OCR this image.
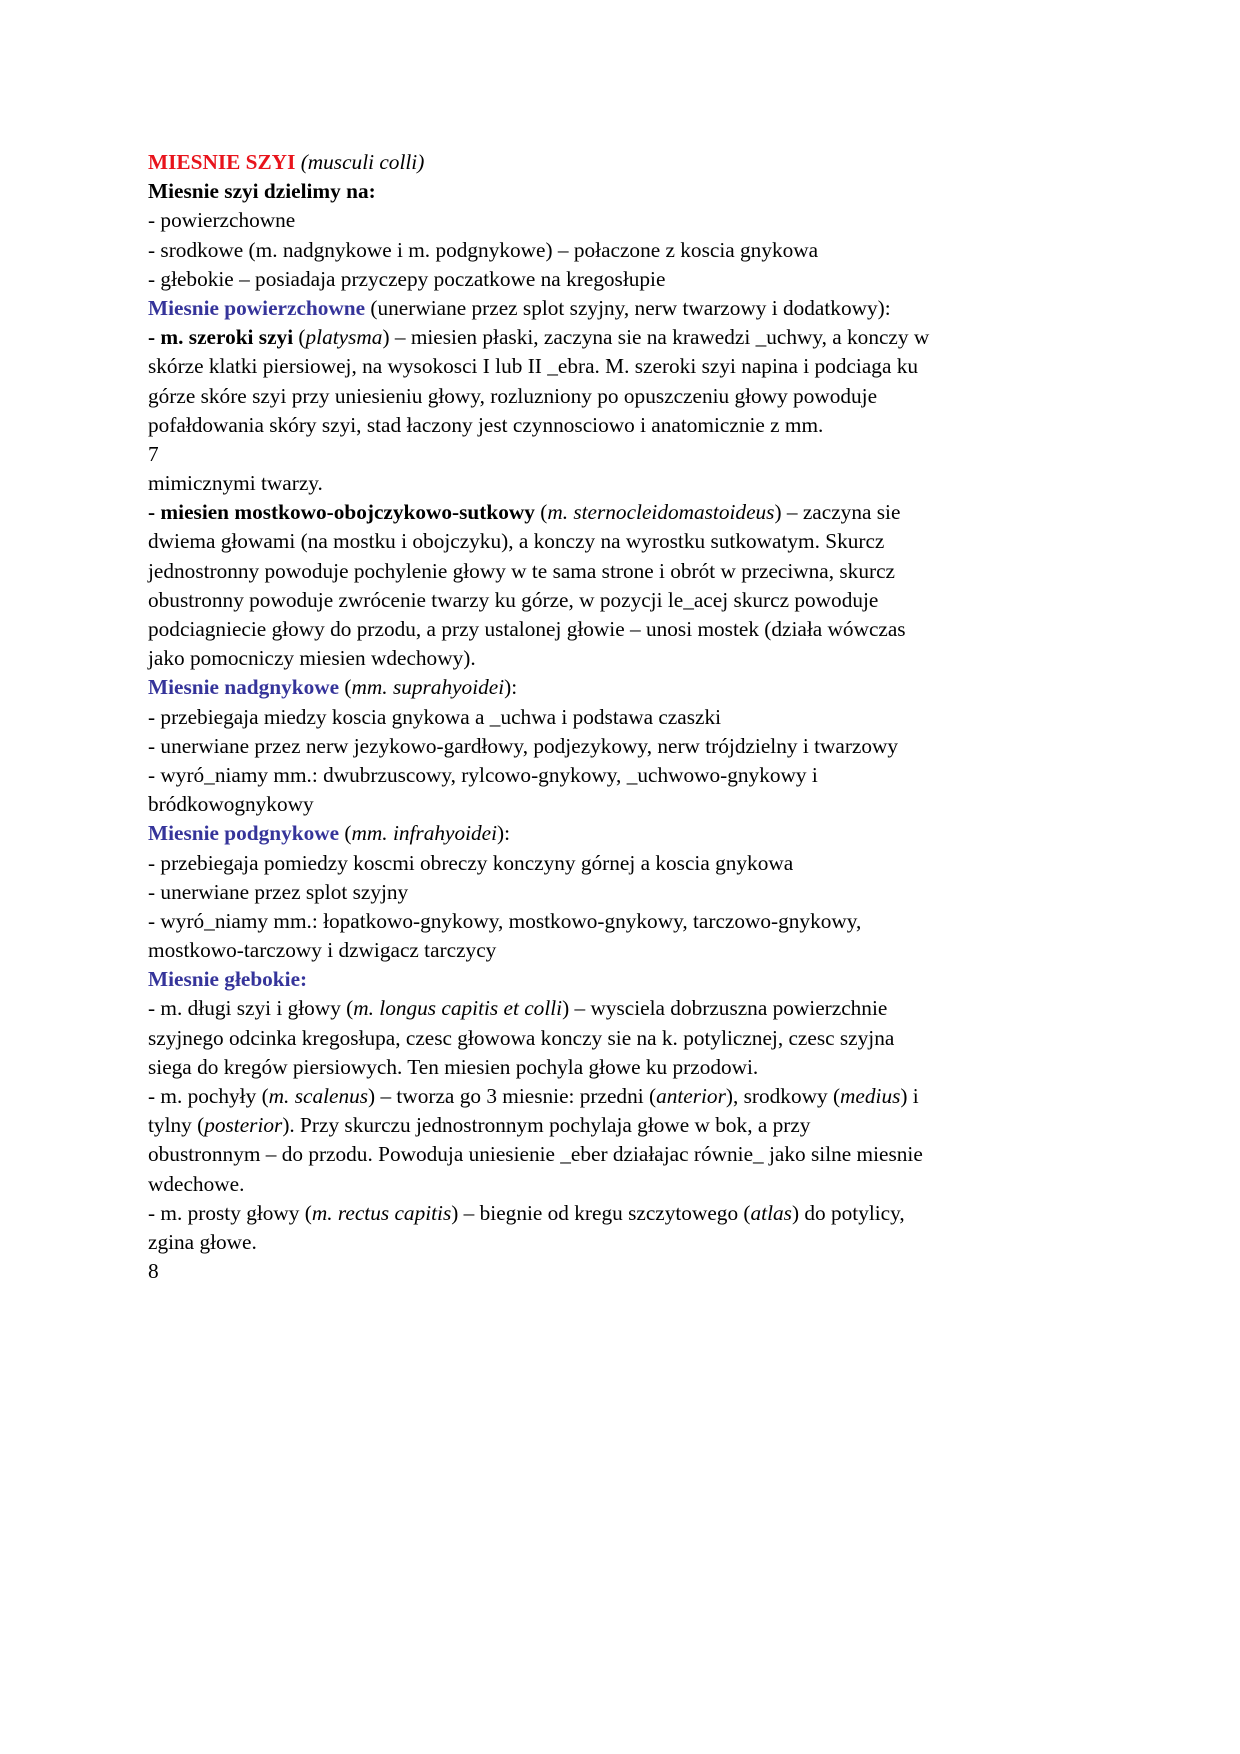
MIESNIE SZYI (musculi colli)
Miesnie szyi dzielimy na:
- powierzchowne
- srodkowe (m. nadgnykowe i m. podgnykowe) – połaczone z koscia gnykowa
- głebokie – posiadaja przyczepy poczatkowe na kregosłupie
Miesnie powierzchowne (unerwiane przez splot szyjny, nerw twarzowy i dodatkowy):
- m. szeroki szyi (platysma) – miesien płaski, zaczyna sie na krawedzi _uchwy, a konczy w
skórze klatki piersiowej, na wysokosci I lub II _ebra. M. szeroki szyi napina i podciaga ku
górze skóre szyi przy uniesieniu głowy, rozluzniony po opuszczeniu głowy powoduje
pofałdowania skóry szyi, stad łaczony jest czynnosciowo i anatomicznie z mm.
7
mimicznymi twarzy.
- miesien mostkowo-obojczykowo-sutkowy (m. sternocleidomastoideus) – zaczyna sie
dwiema głowami (na mostku i obojczyku), a konczy na wyrostku sutkowatym. Skurcz
jednostronny powoduje pochylenie głowy w te sama strone i obrót w przeciwna, skurcz
obustronny powoduje zwrócenie twarzy ku górze, w pozycji le_acej skurcz powoduje
podciagniecie głowy do przodu, a przy ustalonej głowie – unosi mostek (działa wówczas
jako pomocniczy miesien wdechowy).
Miesnie nadgnykowe (mm. suprahyoidei):
- przebiegaja miedzy koscia gnykowa a _uchwa i podstawa czaszki
- unerwiane przez nerw jezykowo-gardłowy, podjezykowy, nerw trójdzielny i twarzowy
- wyró_niamy mm.: dwubrzuscowy, rylcowo-gnykowy, _uchwowo-gnykowy i
bródkowognykowy
Miesnie podgnykowe (mm. infrahyoidei):
- przebiegaja pomiedzy koscmi obreczy konczyny górnej a koscia gnykowa
- unerwiane przez splot szyjny
- wyró_niamy mm.: łopatkowo-gnykowy, mostkowo-gnykowy, tarczowo-gnykowy,
mostkowo-tarczowy i dzwigacz tarczycy
Miesnie głebokie:
- m. długi szyi i głowy (m. longus capitis et colli) – wysciela dobrzuszna powierzchnie
szyjnego odcinka kregosłupa, czesc głowowa konczy sie na k. potylicznej, czesc szyjna
siega do kregów piersiowych. Ten miesien pochyla głowe ku przodowi.
- m. pochyły (m. scalenus) – tworza go 3 miesnie: przedni (anterior), srodkowy (medius) i
tylny (posterior). Przy skurczu jednostronnym pochylaja głowe w bok, a przy
obustronnym – do przodu. Powoduja uniesienie _eber działajac równie_ jako silne miesnie
wdechowe.
- m. prosty głowy (m. rectus capitis) – biegnie od kregu szczytowego (atlas) do potylicy,
zgina głowe.
8
